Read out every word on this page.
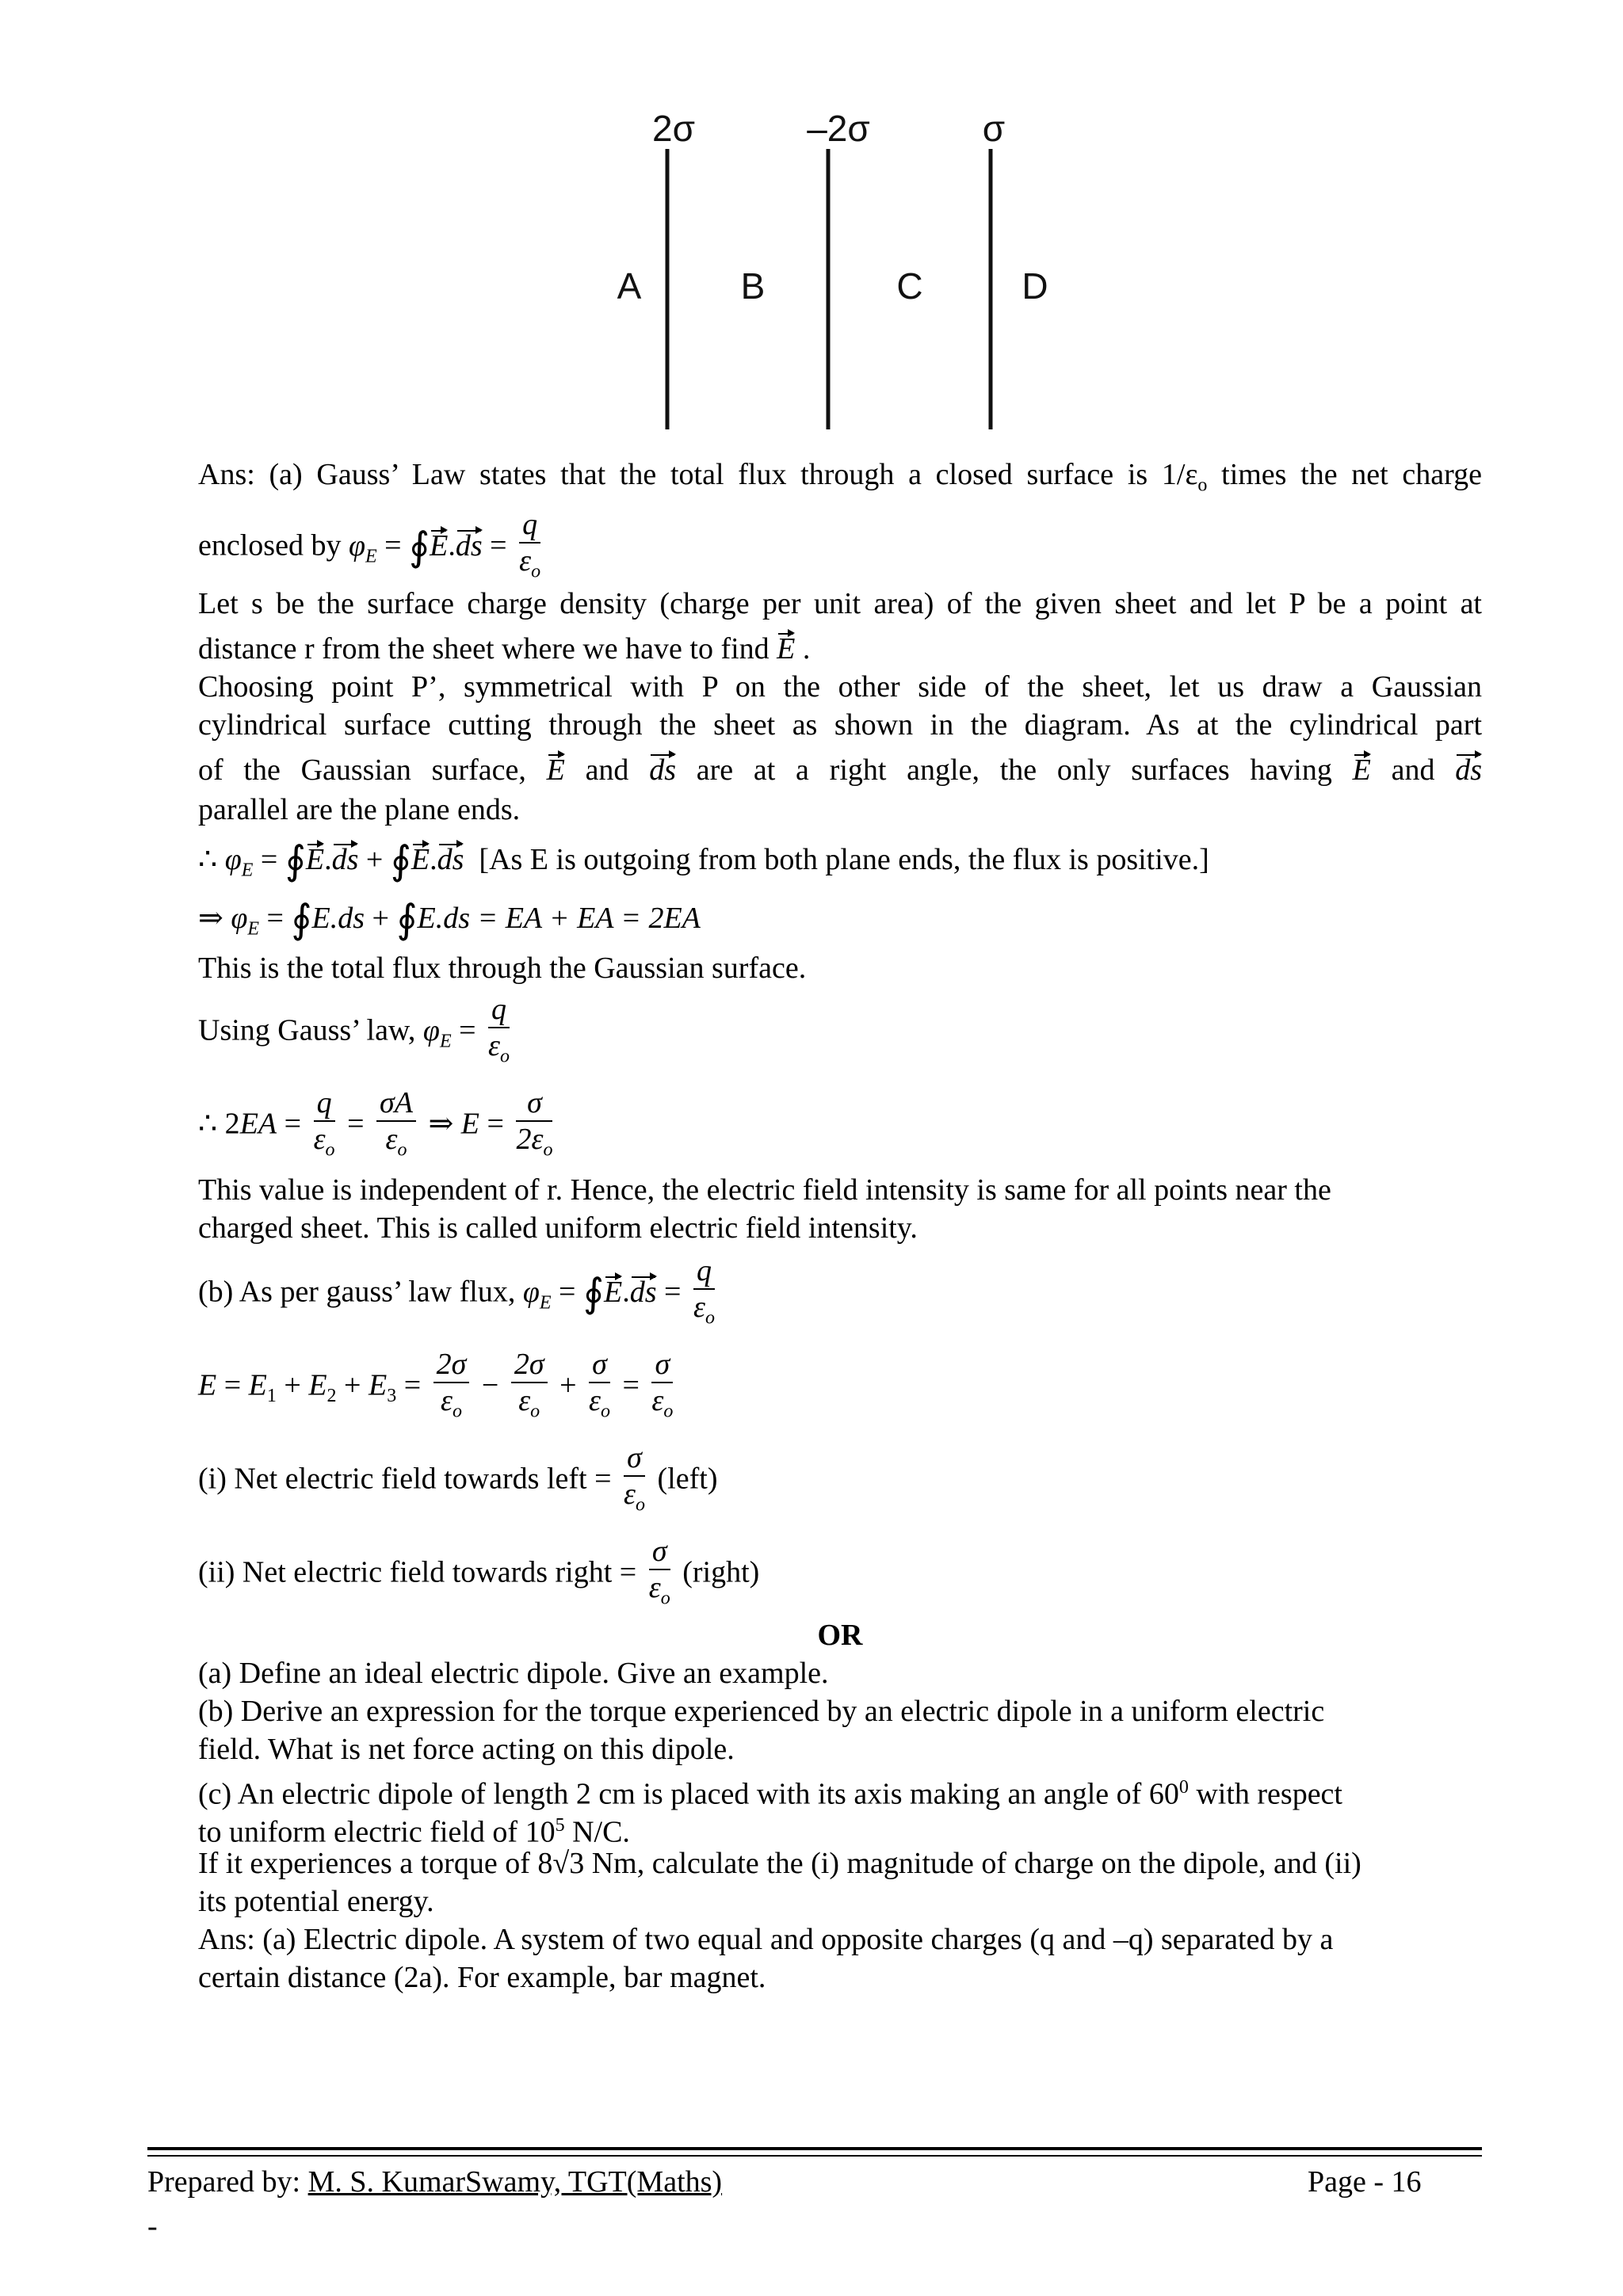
2σ	–2σ	σ
A	B	C	D
Ans: (a) Gauss’ Law states that the total flux through a closed surface is $1/\varepsilon_o$ times the net charge
enclosed by $\varphi_E$ = ∮E.ds = $\frac{q}{\varepsilon_o}$
Let s be the surface charge density (charge per unit area) of the given sheet and let P be a point at
distance r from the sheet where we have to find E .
Choosing point P’, symmetrical with P on the other side of the sheet, let us draw a Gaussian
cylindrical surface cutting through the sheet as shown in the diagram. As at the cylindrical part
of the Gaussian surface, E and ds are at a right angle, the only surfaces having E and ds
parallel are the plane ends.
∴ $\varphi_E$ = ∮E.ds + ∮E.ds [As E is outgoing from both plane ends, the flux is positive.]
⇒ $\varphi_E$ = ∮E.ds + ∮E.ds = EA + EA = 2EA
This is the total flux through the Gaussian surface.
Using Gauss’ law, $\varphi_E = \frac{q}{\varepsilon_o}$
∴ $2EA = \frac{q}{\varepsilon_o} = \frac{\sigma A}{\varepsilon_o}$ ⇒ $E = \frac{\sigma}{2\varepsilon_o}$
This value is independent of r. Hence, the electric field intensity is same for all points near the
charged sheet. This is called uniform electric field intensity.
(b) As per gauss’ law flux, $\varphi_E$ = ∮E.ds = $\frac{q}{\varepsilon_o}$
$E = E_1 + E_2 + E_3 = \frac{2\sigma}{\varepsilon_o} - \frac{2\sigma}{\varepsilon_o} + \frac{\sigma}{\varepsilon_o} = \frac{\sigma}{\varepsilon_o}$
(i) Net electric field towards left = $\frac{\sigma}{\varepsilon_o}$ (left)
(ii) Net electric field towards right = $\frac{\sigma}{\varepsilon_o}$ (right)
OR
(a) Define an ideal electric dipole. Give an example.
(b) Derive an expression for the torque experienced by an electric dipole in a uniform electric
field. What is net force acting on this dipole.
(c) An electric dipole of length 2 cm is placed with its axis making an angle of $60^0$ with respect
to uniform electric field of $10^5$ N/C.
If it experiences a torque of 8√3 Nm, calculate the (i) magnitude of charge on the dipole, and (ii)
its potential energy.
Ans: (a) Electric dipole. A system of two equal and opposite charges (q and –q) separated by a
certain distance (2a). For example, bar magnet.
Prepared by: M. S. KumarSwamy, TGT(Maths)	Page - 16
-
